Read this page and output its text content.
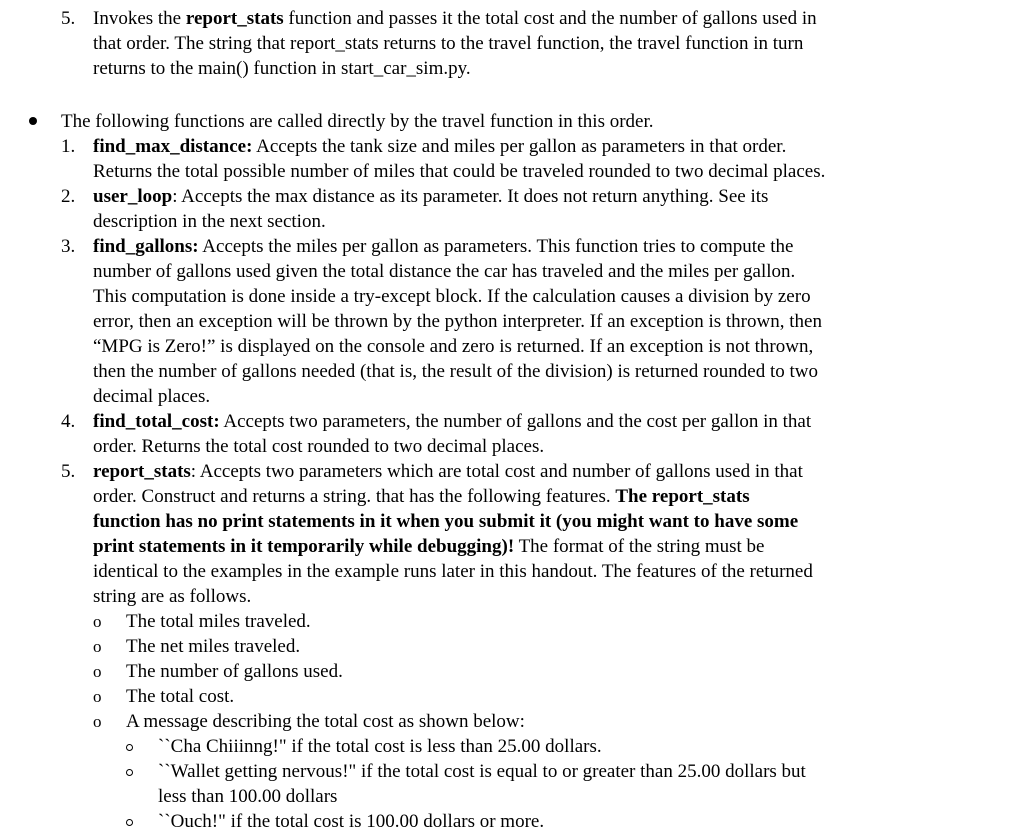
5. Invokes the report_stats function and passes it the total cost and the number of gallons used in
that order. The string that report_stats returns to the travel function, the travel function in turn
returns to the main() function in start_car_sim.py.
The following functions are called directly by the travel function in this order.
1. find_max_distance: Accepts the tank size and miles per gallon as parameters in that order.
Returns the total possible number of miles that could be traveled rounded to two decimal places.
2. user_loop: Accepts the max distance as its parameter. It does not return anything. See its
description in the next section.
3. find_gallons: Accepts the miles per gallon as parameters. This function tries to compute the
number of gallons used given the total distance the car has traveled and the miles per gallon.
This computation is done inside a try-except block. If the calculation causes a division by zero
error, then an exception will be thrown by the python interpreter. If an exception is thrown, then
“MPG is Zero!” is displayed on the console and zero is returned. If an exception is not thrown,
then the number of gallons needed (that is, the result of the division) is returned rounded to two
decimal places.
4. find_total_cost: Accepts two parameters, the number of gallons and the cost per gallon in that
order. Returns the total cost rounded to two decimal places.
5. report_stats: Accepts two parameters which are total cost and number of gallons used in that
order. Construct and returns a string. that has the following features. The report_stats
function has no print statements in it when you submit it (you might want to have some
print statements in it temporarily while debugging)! The format of the string must be
identical to the examples in the example runs later in this handout. The features of the returned
string are as follows.
o The total miles traveled.
o The net miles traveled.
o The number of gallons used.
o The total cost.
o A message describing the total cost as shown below:
``Cha Chiiinng!" if the total cost is less than 25.00 dollars.
``Wallet getting nervous!" if the total cost is equal to or greater than 25.00 dollars but
less than 100.00 dollars
``Ouch!" if the total cost is 100.00 dollars or more.
